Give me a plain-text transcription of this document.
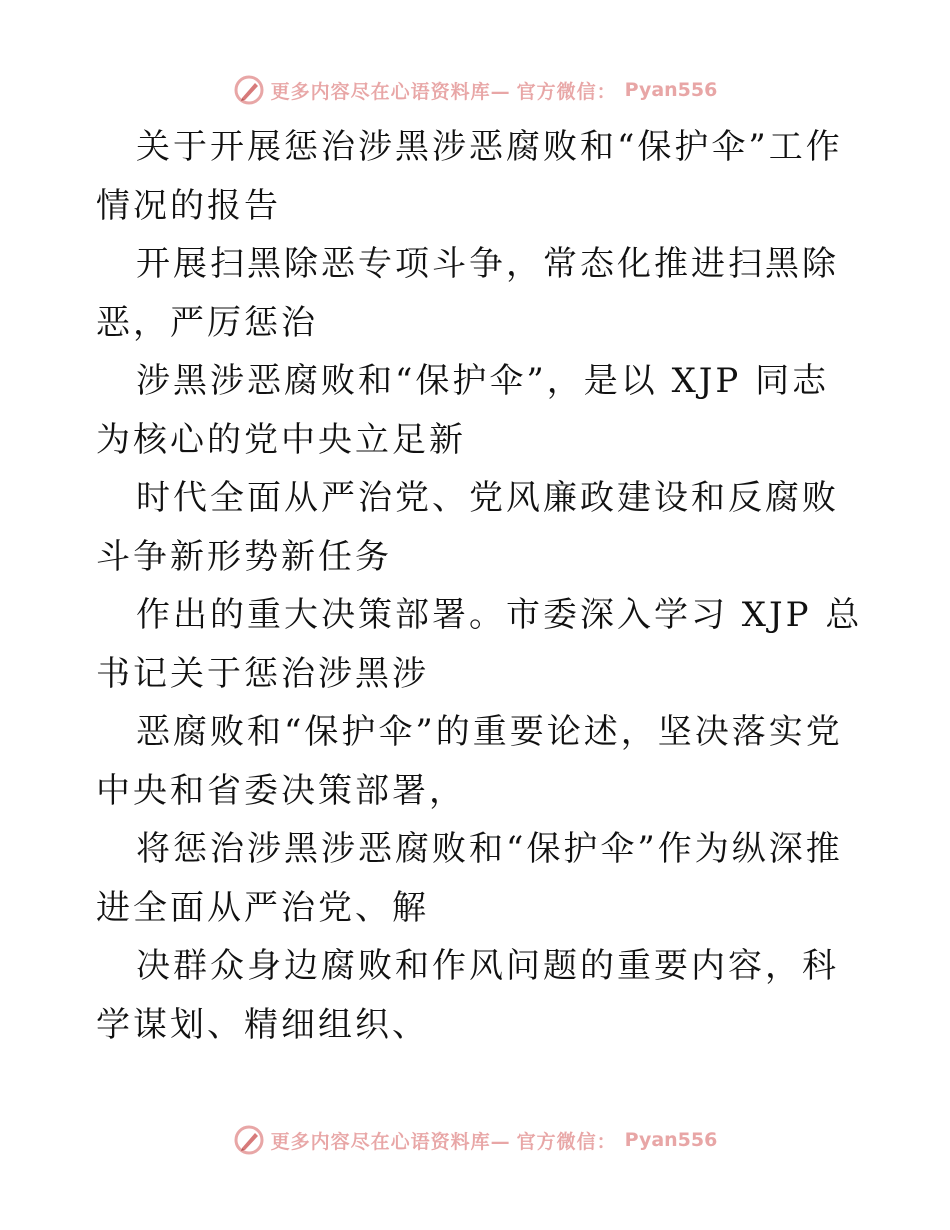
更多内容尽在心语资料库— 官方微信： Pyan556

关于开展惩治涉黑涉恶腐败和“保护伞”工作情况的报告

开展扫黑除恶专项斗争，常态化推进扫黑除恶，严厉惩治

涉黑涉恶腐败和“保护伞”，是以 XJP 同志为核心的党中央立足新

时代全面从严治党、党风廉政建设和反腐败斗争新形势新任务

作出的重大决策部署。市委深入学习 XJP 总书记关于惩治涉黑涉

恶腐败和“保护伞”的重要论述，坚决落实党中央和省委决策部署，

将惩治涉黑涉恶腐败和“保护伞”作为纵深推进全面从严治党、解

决群众身边腐败和作风问题的重要内容，科学谋划、精细组织、

更多内容尽在心语资料库— 官方微信： Pyan556
